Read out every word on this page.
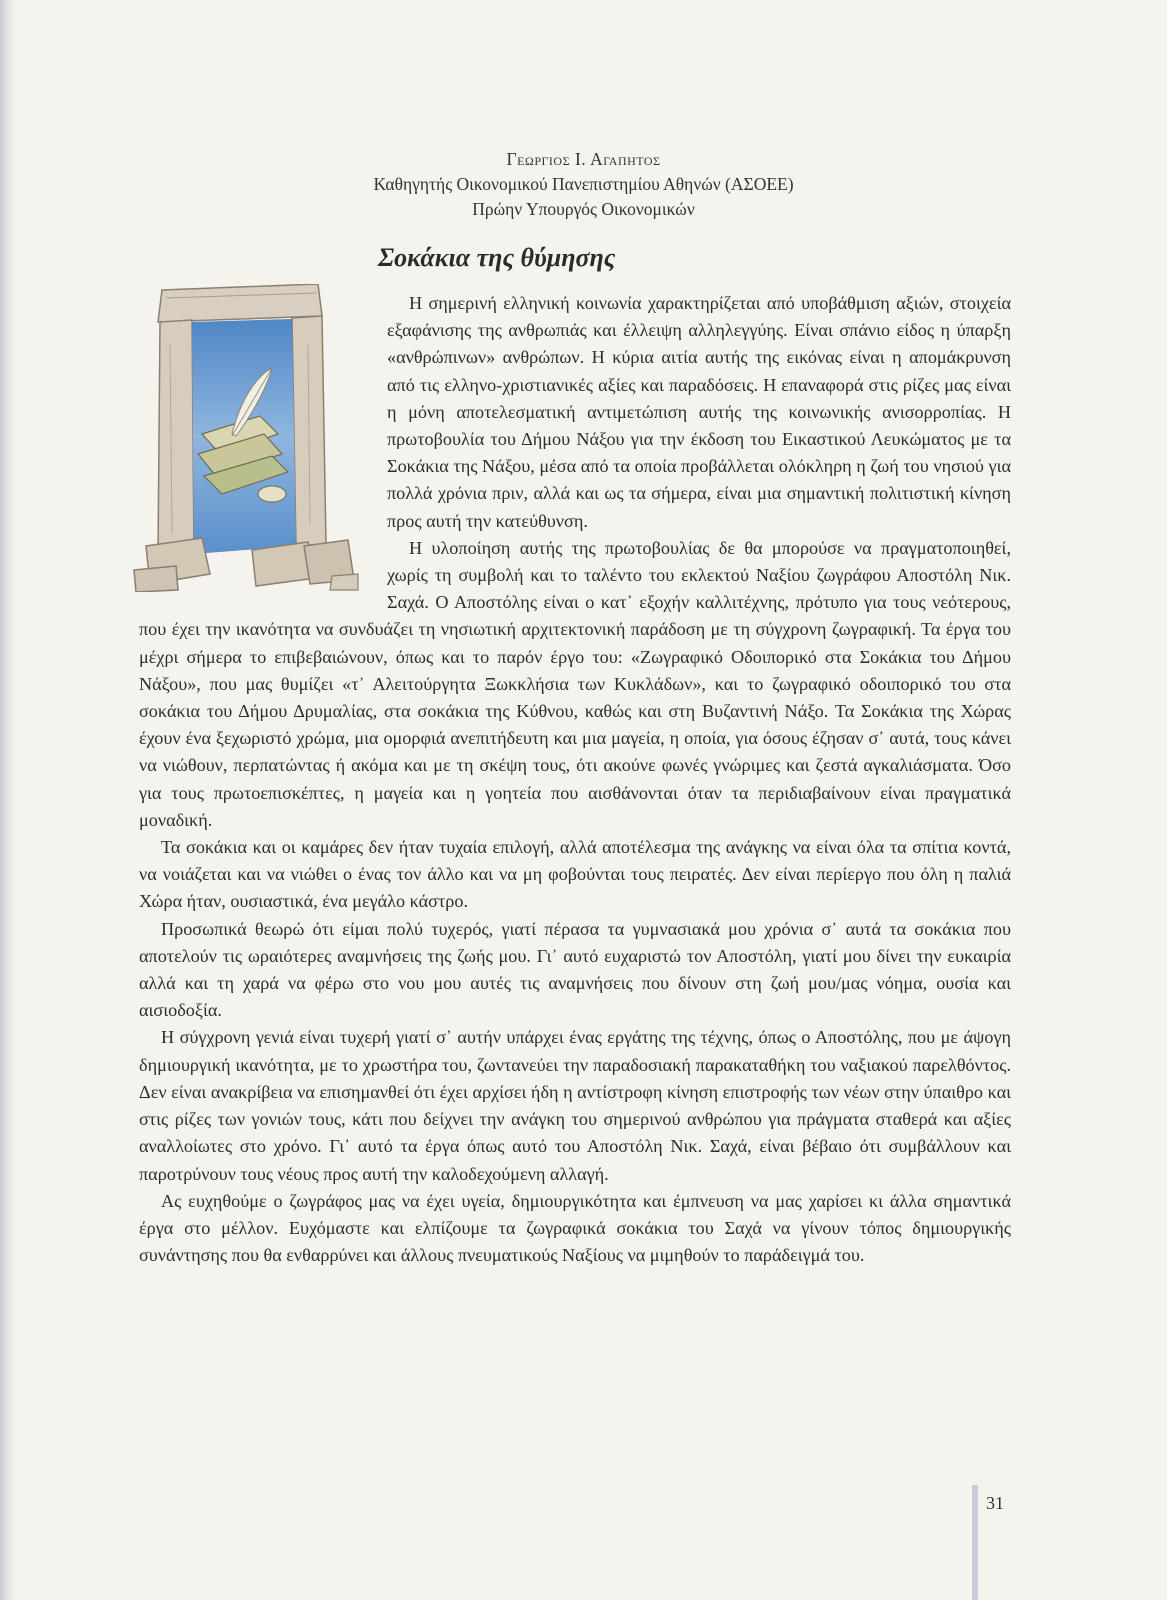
Γεωργιος Ι. Αγαπητος
Καθηγητής Οικονομικού Πανεπιστημίου Αθηνών (ΑΣΟΕΕ)
Πρώην Υπουργός Οικονομικών
Σοκάκια της θύμησης

Η σημερινή ελληνική κοινωνία χαρακτηρίζεται από υποβάθμιση αξιών, στοιχεία εξαφάνισης της ανθρωπιάς και έλλειψη αλληλεγγύης. Είναι σπάνιο είδος η ύπαρξη «ανθρώπινων» ανθρώπων. Η κύρια αιτία αυτής της εικόνας είναι η απομάκρυνση από τις ελληνο-χριστιανικές αξίες και παραδόσεις. Η επαναφορά στις ρίζες μας είναι η μόνη αποτελεσματική αντιμετώπιση αυτής της κοινωνικής ανισορροπίας. Η πρωτοβουλία του Δήμου Νάξου για την έκδοση του Εικαστικού Λευκώματος με τα Σοκάκια της Νάξου, μέσα από τα οποία προβάλλεται ολόκληρη η ζωή του νησιού για πολλά χρόνια πριν, αλλά και ως τα σήμερα, είναι μια σημαντική πολιτιστική κίνηση προς αυτή την κατεύθυνση.

Η υλοποίηση αυτής της πρωτοβουλίας δε θα μπορούσε να πραγματοποιηθεί, χωρίς τη συμβολή και το ταλέντο του εκλεκτού Ναξίου ζωγράφου Αποστόλη Νικ. Σαχά. Ο Αποστόλης είναι ο κατ᾽ εξοχήν καλλιτέχνης, πρότυπο για τους νεότερους, που έχει την ικανότητα να συνδυάζει τη νησιωτική αρχιτεκτονική παράδοση με τη σύγχρονη ζωγραφική. Τα έργα του μέχρι σήμερα το επιβεβαιώνουν, όπως και το παρόν έργο του: «Ζωγραφικό Οδοιπορικό στα Σοκάκια του Δήμου Νάξου», που μας θυμίζει «τ᾽ Αλειτούργητα Ξωκκλήσια των Κυκλάδων», και το ζωγραφικό οδοιπορικό του στα σοκάκια του Δήμου Δρυμαλίας, στα σοκάκια της Κύθνου, καθώς και στη Βυζαντινή Νάξο. Τα Σοκάκια της Χώρας έχουν ένα ξεχωριστό χρώμα, μια ομορφιά ανεπιτήδευτη και μια μαγεία, η οποία, για όσους έζησαν σ᾽ αυτά, τους κάνει να νιώθουν, περπατώντας ή ακόμα και με τη σκέψη τους, ότι ακούνε φωνές γνώριμες και ζεστά αγκαλιάσματα. Όσο για τους πρωτοεπισκέπτες, η μαγεία και η γοητεία που αισθάνονται όταν τα περιδιαβαίνουν είναι πραγματικά μοναδική.

Τα σοκάκια και οι καμάρες δεν ήταν τυχαία επιλογή, αλλά αποτέλεσμα της ανάγκης να είναι όλα τα σπίτια κοντά, να νοιάζεται και να νιώθει ο ένας τον άλλο και να μη φοβούνται τους πειρατές. Δεν είναι περίεργο που όλη η παλιά Χώρα ήταν, ουσιαστικά, ένα μεγάλο κάστρο.

Προσωπικά θεωρώ ότι είμαι πολύ τυχερός, γιατί πέρασα τα γυμνασιακά μου χρόνια σ᾽ αυτά τα σοκάκια που αποτελούν τις ωραιότερες αναμνήσεις της ζωής μου. Γι᾽ αυτό ευχαριστώ τον Αποστόλη, γιατί μου δίνει την ευκαιρία αλλά και τη χαρά να φέρω στο νου μου αυτές τις αναμνήσεις που δίνουν στη ζωή μου/μας νόημα, ουσία και αισιοδοξία.

Η σύγχρονη γενιά είναι τυχερή γιατί σ᾽ αυτήν υπάρχει ένας εργάτης της τέχνης, όπως ο Αποστόλης, που με άψογη δημιουργική ικανότητα, με το χρωστήρα του, ζωντανεύει την παραδοσιακή παρακαταθήκη του ναξιακού παρελθόντος. Δεν είναι ανακρίβεια να επισημανθεί ότι έχει αρχίσει ήδη η αντίστροφη κίνηση επιστροφής των νέων στην ύπαιθρο και στις ρίζες των γονιών τους, κάτι που δείχνει την ανάγκη του σημερινού ανθρώπου για πράγματα σταθερά και αξίες αναλλοίωτες στο χρόνο. Γι᾽ αυτό τα έργα όπως αυτό του Αποστόλη Νικ. Σαχά, είναι βέβαιο ότι συμβάλλουν και παροτρύνουν τους νέους προς αυτή την καλοδεχούμενη αλλαγή.

Ας ευχηθούμε ο ζωγράφος μας να έχει υγεία, δημιουργικότητα και έμπνευση να μας χαρίσει κι άλλα σημαντικά έργα στο μέλλον. Ευχόμαστε και ελπίζουμε τα ζωγραφικά σοκάκια του Σαχά να γίνουν τόπος δημιουργικής συνάντησης που θα ενθαρρύνει και άλλους πνευματικούς Ναξίους να μιμηθούν το παράδειγμά του.

31
